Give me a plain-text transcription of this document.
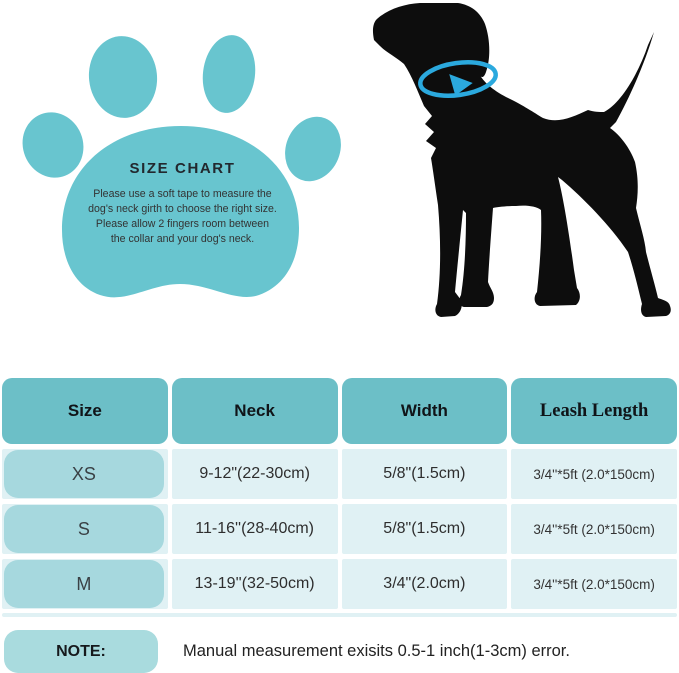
SIZE CHART
Please use a soft tape to measure the
dog's neck girth to choose the right size.
Please allow 2 fingers room between
the collar and your dog's neck.
Size	Neck	Width	Leash Length
XS	9-12"(22-30cm)	5/8"(1.5cm)	3/4''*5ft (2.0*150cm)
S	11-16''(28-40cm)	5/8"(1.5cm)	3/4''*5ft (2.0*150cm)
M	13-19''(32-50cm)	3/4"(2.0cm)	3/4''*5ft (2.0*150cm)
NOTE:	Manual measurement exisits 0.5-1 inch(1-3cm) error.
